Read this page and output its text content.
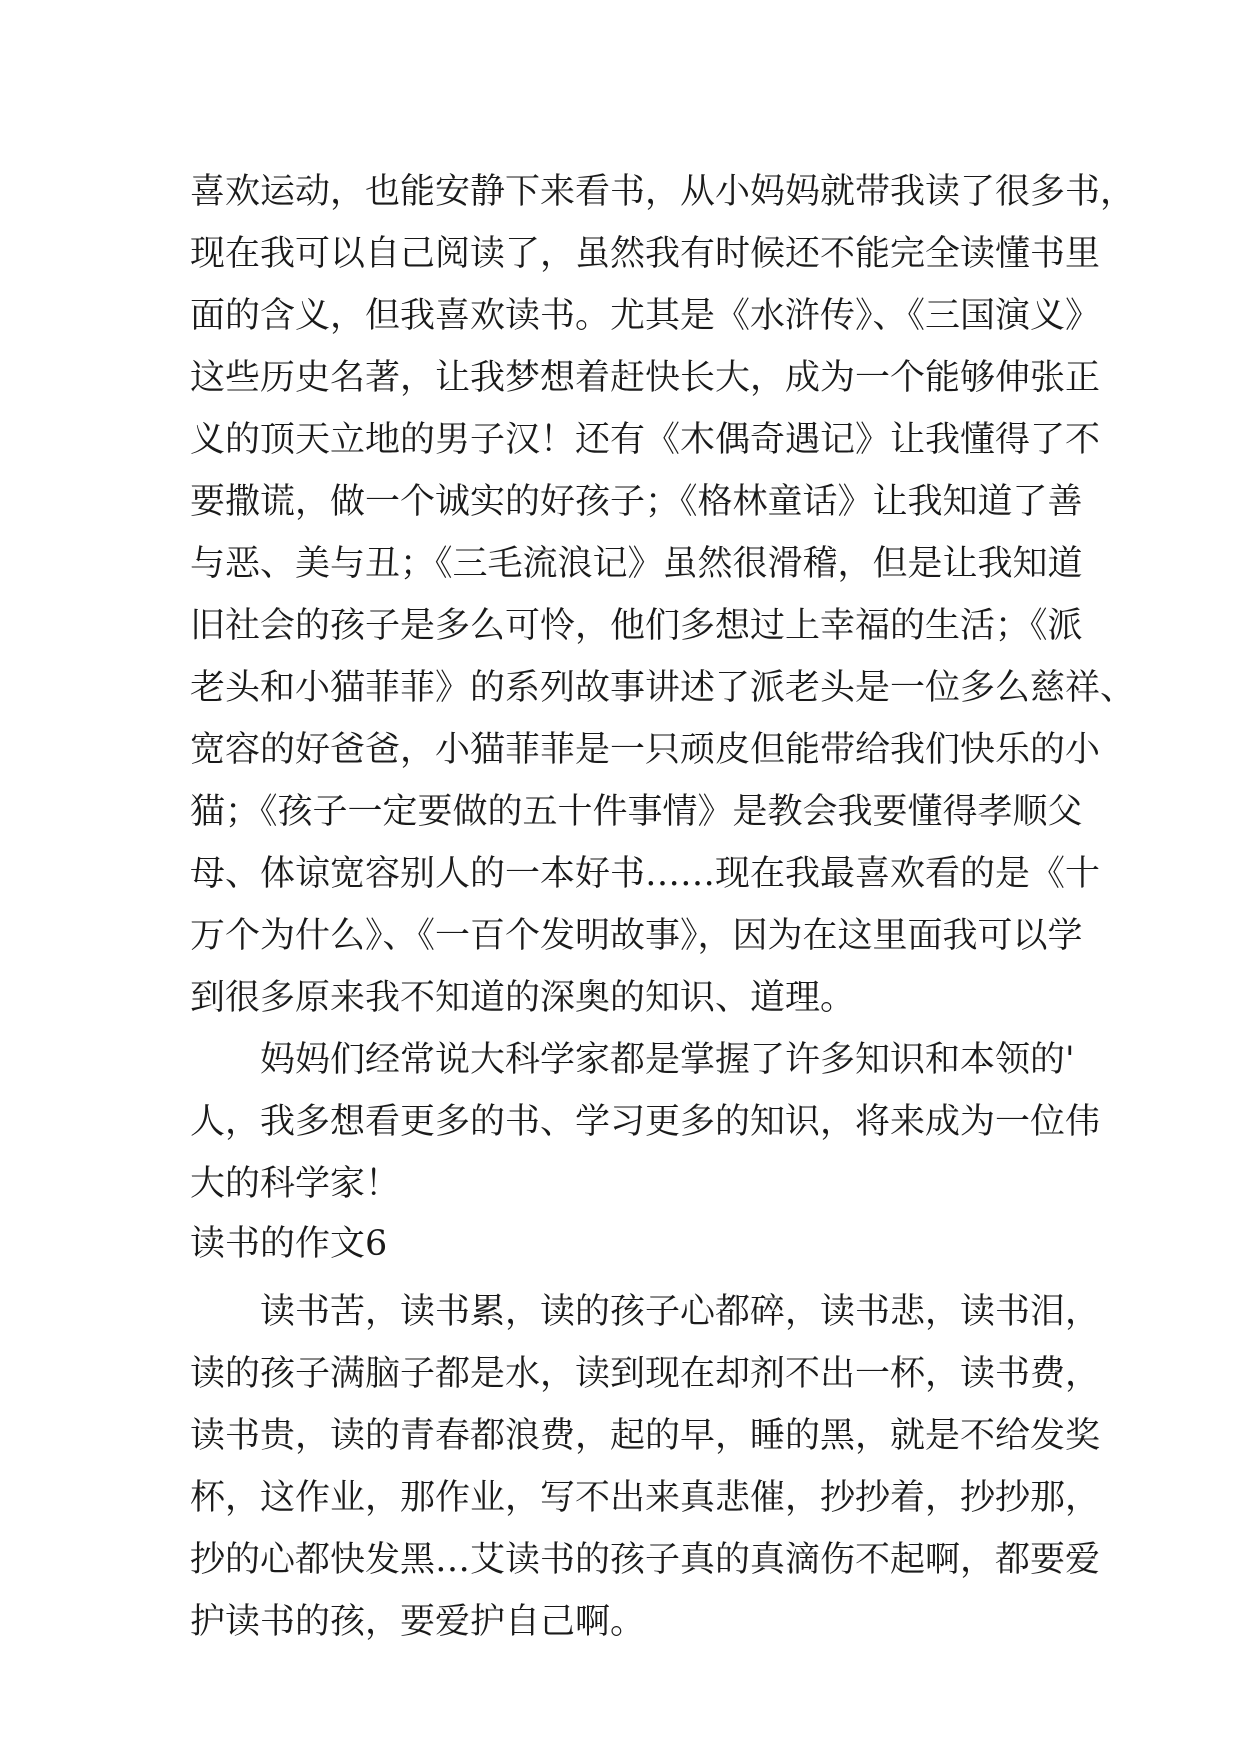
喜欢运动，也能安静下来看书，从小妈妈就带我读了很多书，
现在我可以自己阅读了，虽然我有时候还不能完全读懂书里
面的含义，但我喜欢读书。尤其是《水浒传》、《三国演义》
这些历史名著，让我梦想着赶快长大，成为一个能够伸张正
义的顶天立地的男子汉！还有《木偶奇遇记》让我懂得了不
要撒谎，做一个诚实的好孩子；《格林童话》让我知道了善
与恶、美与丑；《三毛流浪记》虽然很滑稽，但是让我知道
旧社会的孩子是多么可怜，他们多想过上幸福的生活；《派
老头和小猫菲菲》的系列故事讲述了派老头是一位多么慈祥、
宽容的好爸爸，小猫菲菲是一只顽皮但能带给我们快乐的小
猫；《孩子一定要做的五十件事情》是教会我要懂得孝顺父
母、体谅宽容别人的一本好书……现在我最喜欢看的是《十
万个为什么》、《一百个发明故事》，因为在这里面我可以学
到很多原来我不知道的深奥的知识、道理。
妈妈们经常说大科学家都是掌握了许多知识和本领的'
人，我多想看更多的书、学习更多的知识，将来成为一位伟
大的科学家！
读书的作文6
读书苦，读书累，读的孩子心都碎，读书悲，读书泪，
读的孩子满脑子都是水，读到现在却剂不出一杯，读书费，
读书贵，读的青春都浪费，起的早，睡的黑，就是不给发奖
杯，这作业，那作业，写不出来真悲催，抄抄着，抄抄那，
抄的心都快发黑…艾读书的孩子真的真滴伤不起啊，都要爱
护读书的孩，要爱护自己啊。
